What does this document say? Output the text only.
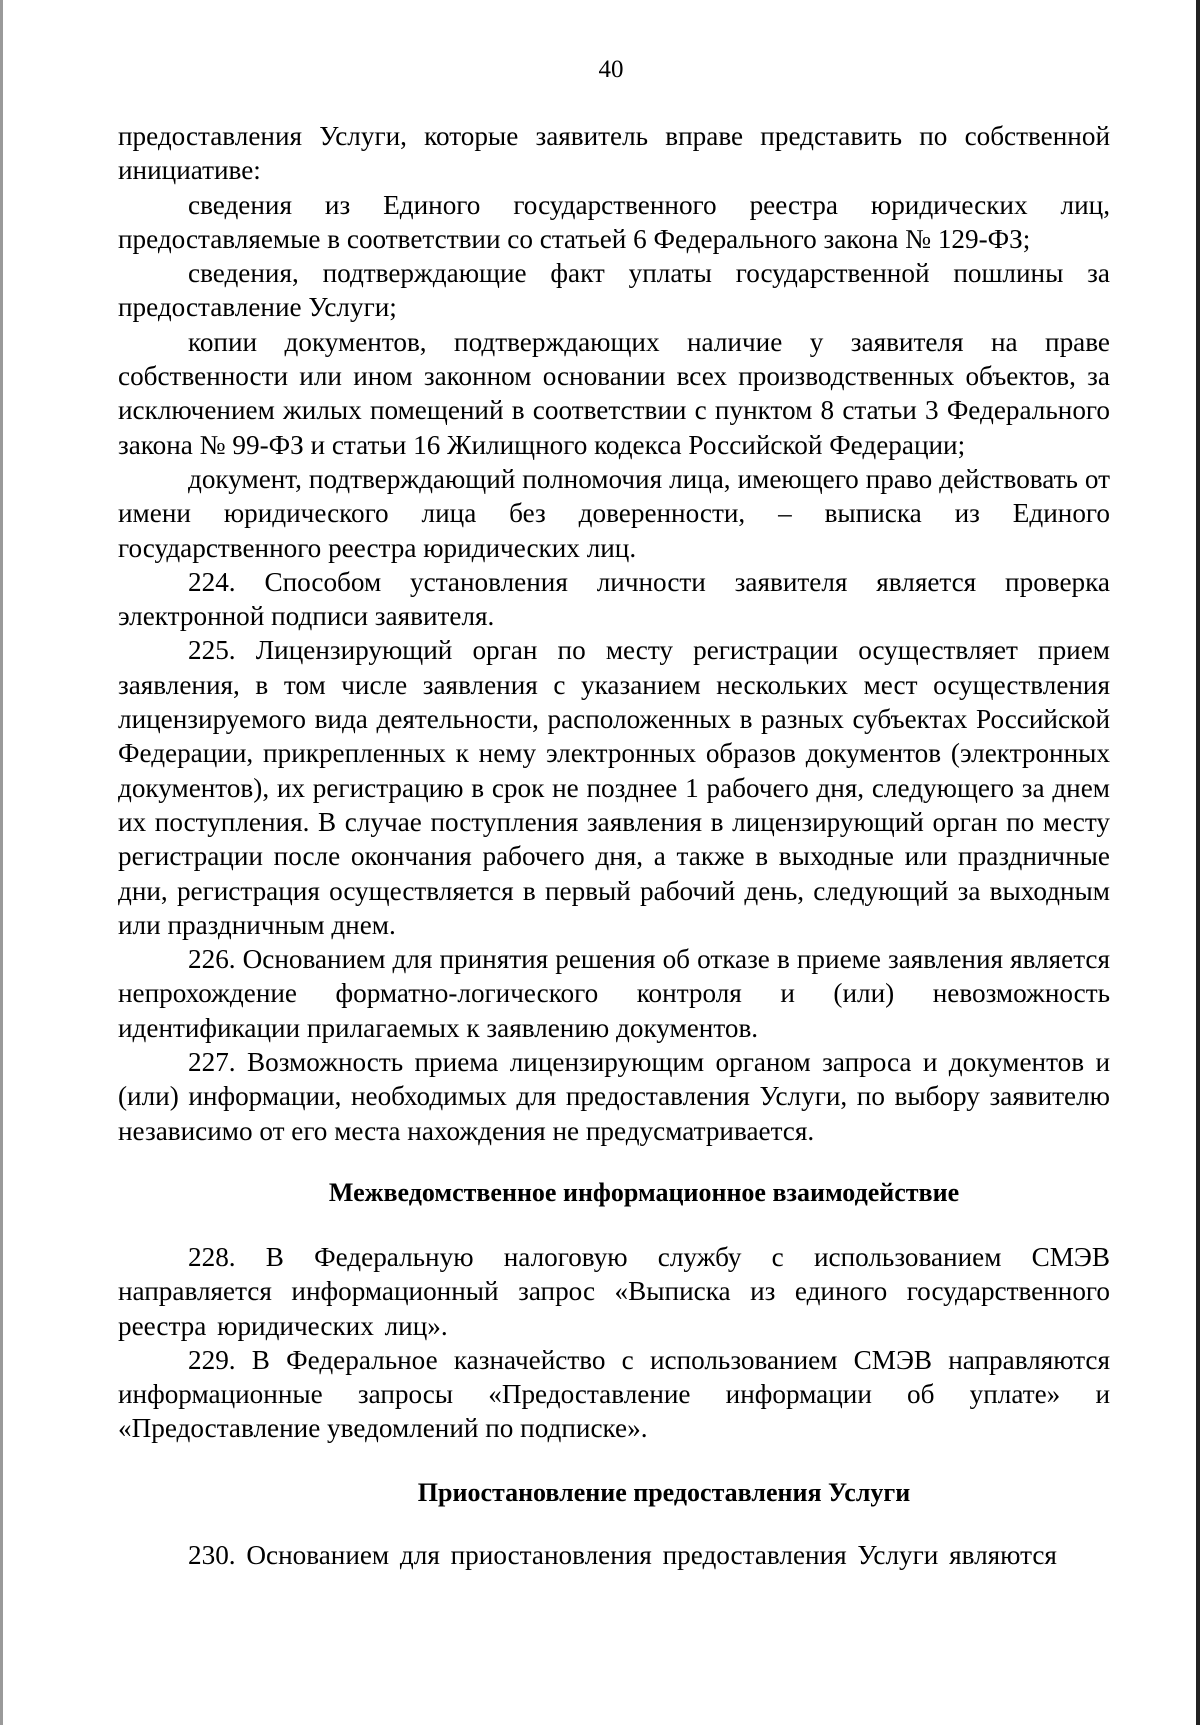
40

предоставления Услуги, которые заявитель вправе представить по собственной инициативе:

сведения из Единого государственного реестра юридических лиц, предоставляемые в соответствии со статьей 6 Федерального закона № 129-ФЗ;

сведения, подтверждающие факт уплаты государственной пошлины за предоставление Услуги;

копии документов, подтверждающих наличие у заявителя на праве собственности или ином законном основании всех производственных объектов, за исключением жилых помещений в соответствии с пунктом 8 статьи 3 Федерального закона № 99-ФЗ и статьи 16 Жилищного кодекса Российской Федерации;

документ, подтверждающий полномочия лица, имеющего право действовать от имени юридического лица без доверенности, – выписка из Единого государственного реестра юридических лиц.

224. Способом установления личности заявителя является проверка электронной подписи заявителя.

225. Лицензирующий орган по месту регистрации осуществляет прием заявления, в том числе заявления с указанием нескольких мест осуществления лицензируемого вида деятельности, расположенных в разных субъектах Российской Федерации, прикрепленных к нему электронных образов документов (электронных документов), их регистрацию в срок не позднее 1 рабочего дня, следующего за днем их поступления. В случае поступления заявления в лицензирующий орган по месту регистрации после окончания рабочего дня, а также в выходные или праздничные дни, регистрация осуществляется в первый рабочий день, следующий за выходным или праздничным днем.

226. Основанием для принятия решения об отказе в приеме заявления является непрохождение форматно-логического контроля и (или) невозможность идентификации прилагаемых к заявлению документов.

227. Возможность приема лицензирующим органом запроса и документов и (или) информации, необходимых для предоставления Услуги, по выбору заявителю независимо от его места нахождения не предусматривается.

Межведомственное информационное взаимодействие

228. В Федеральную налоговую службу с использованием СМЭВ направляется информационный запрос «Выписка из единого государственного реестра юридических лиц».

229. В Федеральное казначейство с использованием СМЭВ направляются информационные запросы «Предоставление информации об уплате» и «Предоставление уведомлений по подписке».

Приостановление предоставления Услуги

230. Основанием для приостановления предоставления Услуги являются
